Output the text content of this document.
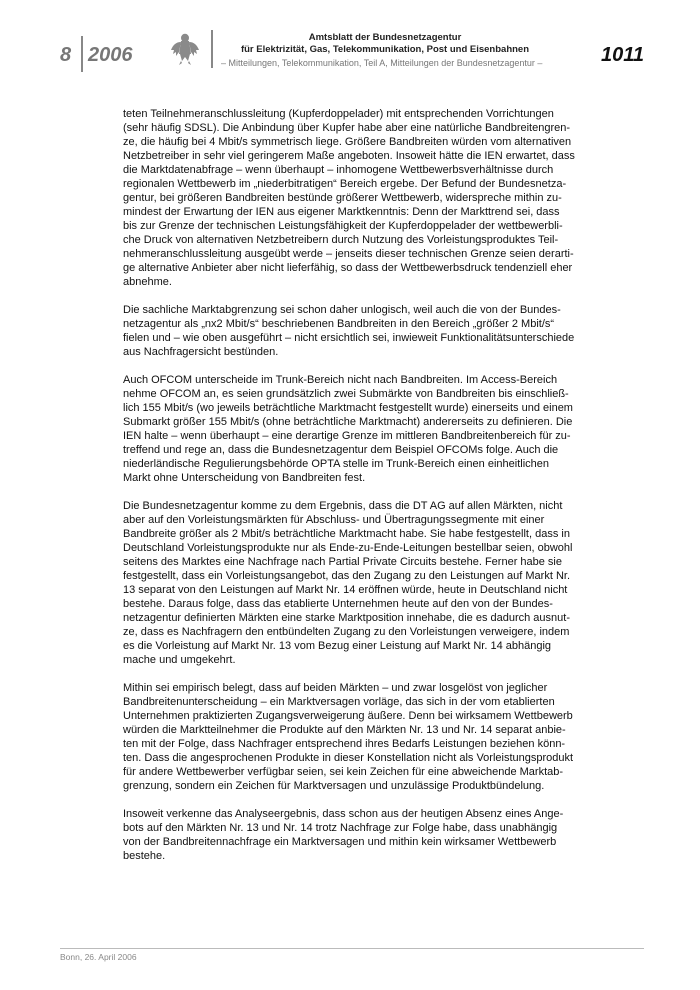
8 2006
Amtsblatt der Bundesnetzagentur
für Elektrizität, Gas, Telekommunikation, Post und Eisenbahnen
– Mitteilungen, Telekommunikation, Teil A, Mitteilungen der Bundesnetzagentur –	1011

teten Teilnehmeranschlussleitung (Kupferdoppelader) mit entsprechenden Vorrichtungen
(sehr häufig SDSL). Die Anbindung über Kupfer habe aber eine natürliche Bandbreitengren-
ze, die häufig bei 4 Mbit/s symmetrisch liege. Größere Bandbreiten würden vom alternativen
Netzbetreiber in sehr viel geringerem Maße angeboten. Insoweit hätte die IEN erwartet, dass
die Marktdatenabfrage – wenn überhaupt – inhomogene Wettbewerbsverhältnisse durch
regionalen Wettbewerb im „niederbitratigen“ Bereich ergebe. Der Befund der Bundesnetza-
gentur, bei größeren Bandbreiten bestünde größerer Wettbewerb, widerspreche mithin zu-
mindest der Erwartung der IEN aus eigener Marktkenntnis: Denn der Markttrend sei, dass
bis zur Grenze der technischen Leistungsfähigkeit der Kupferdoppelader der wettbewerbli-
che Druck von alternativen Netzbetreibern durch Nutzung des Vorleistungsproduktes Teil-
nehmeranschlussleitung ausgeübt werde – jenseits dieser technischen Grenze seien derarti-
ge alternative Anbieter aber nicht lieferfähig, so dass der Wettbewerbsdruck tendenziell eher
abnehme.

Die sachliche Marktabgrenzung sei schon daher unlogisch, weil auch die von der Bundes-
netzagentur als „nx2 Mbit/s“ beschriebenen Bandbreiten in den Bereich „größer 2 Mbit/s“
fielen und – wie oben ausgeführt – nicht ersichtlich sei, inwieweit Funktionalitätsunterschiede
aus Nachfragersicht bestünden.

Auch OFCOM unterscheide im Trunk-Bereich nicht nach Bandbreiten. Im Access-Bereich
nehme OFCOM an, es seien grundsätzlich zwei Submärkte von Bandbreiten bis einschließ-
lich 155 Mbit/s (wo jeweils beträchtliche Marktmacht festgestellt wurde) einerseits und einem
Submarkt größer 155 Mbit/s (ohne beträchtliche Marktmacht) andererseits zu definieren. Die
IEN halte – wenn überhaupt – eine derartige Grenze im mittleren Bandbreitenbereich für zu-
treffend und rege an, dass die Bundesnetzagentur dem Beispiel OFCOMs folge. Auch die
niederländische Regulierungsbehörde OPTA stelle im Trunk-Bereich einen einheitlichen
Markt ohne Unterscheidung von Bandbreiten fest.

Die Bundesnetzagentur komme zu dem Ergebnis, dass die DT AG auf allen Märkten, nicht
aber auf den Vorleistungsmärkten für Abschluss- und Übertragungssegmente mit einer
Bandbreite größer als 2 Mbit/s beträchtliche Marktmacht habe. Sie habe festgestellt, dass in
Deutschland Vorleistungsprodukte nur als Ende-zu-Ende-Leitungen bestellbar seien, obwohl
seitens des Marktes eine Nachfrage nach Partial Private Circuits bestehe. Ferner habe sie
festgestellt, dass ein Vorleistungsangebot, das den Zugang zu den Leistungen auf Markt Nr.
13 separat von den Leistungen auf Markt Nr. 14 eröffnen würde, heute in Deutschland nicht
bestehe. Daraus folge, dass das etablierte Unternehmen heute auf den von der Bundes-
netzagentur definierten Märkten eine starke Marktposition innehabe, die es dadurch ausnut-
ze, dass es Nachfragern den entbündelten Zugang zu den Vorleistungen verweigere, indem
es die Vorleistung auf Markt Nr. 13 vom Bezug einer Leistung auf Markt Nr. 14 abhängig
mache und umgekehrt.

Mithin sei empirisch belegt, dass auf beiden Märkten – und zwar losgelöst von jeglicher
Bandbreitenunterscheidung – ein Marktversagen vorläge, das sich in der vom etablierten
Unternehmen praktizierten Zugangsverweigerung äußere. Denn bei wirksamem Wettbewerb
würden die Marktteilnehmer die Produkte auf den Märkten Nr. 13 und Nr. 14 separat anbie-
ten mit der Folge, dass Nachfrager entsprechend ihres Bedarfs Leistungen beziehen könn-
ten. Dass die angesprochenen Produkte in dieser Konstellation nicht als Vorleistungsprodukt
für andere Wettbewerber verfügbar seien, sei kein Zeichen für eine abweichende Marktab-
grenzung, sondern ein Zeichen für Marktversagen und unzulässige Produktbündelung.

Insoweit verkenne das Analyseergebnis, dass schon aus der heutigen Absenz eines Ange-
bots auf den Märkten Nr. 13 und Nr. 14 trotz Nachfrage zur Folge habe, dass unabhängig
von der Bandbreitennachfrage ein Marktversagen und mithin kein wirksamer Wettbewerb
bestehe.

Bonn, 26. April 2006
